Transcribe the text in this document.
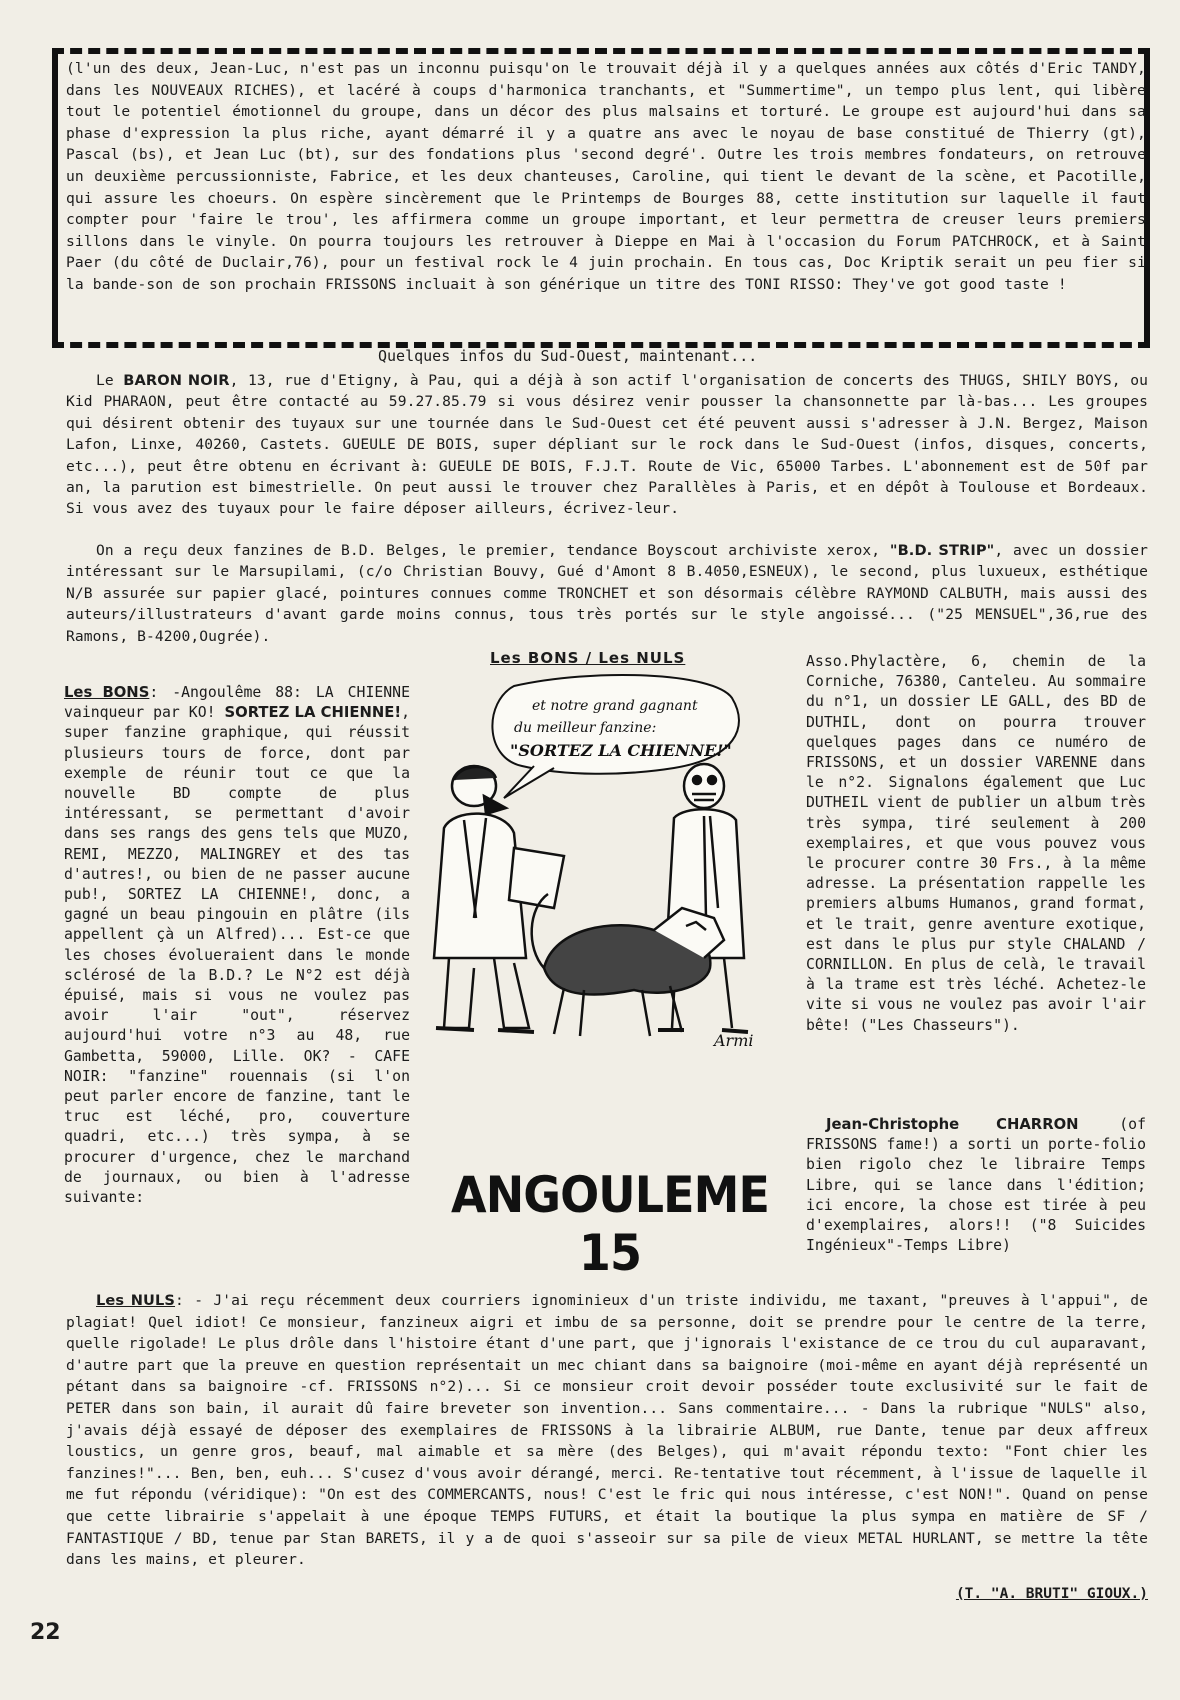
(l'un des deux, Jean-Luc, n'est pas un inconnu puisqu'on le trouvait déjà il y a quelques années aux côtés d'Eric TANDY, dans les NOUVEAUX RICHES), et lacéré à coups d'harmonica tranchants, et "Summertime", un tempo plus lent, qui libère tout le potentiel émotionnel du groupe, dans un décor des plus malsains et torturé. Le groupe est aujourd'hui dans sa phase d'expression la plus riche, ayant démarré il y a quatre ans avec le noyau de base constitué de Thierry (gt), Pascal (bs), et Jean Luc (bt), sur des fondations plus 'second degré'. Outre les trois membres fondateurs, on retrouve un deuxième percussionniste, Fabrice, et les deux chanteuses, Caroline, qui tient le devant de la scène, et Pacotille, qui assure les choeurs. On espère sincèrement que le Printemps de Bourges 88, cette institution sur laquelle il faut compter pour 'faire le trou', les affirmera comme un groupe important, et leur permettra de creuser leurs premiers sillons dans le vinyle. On pourra toujours les retrouver à Dieppe en Mai à l'occasion du Forum PATCHROCK, et à Saint Paer (du côté de Duclair,76), pour un festival rock le 4 juin prochain. En tous cas, Doc Kriptik serait un peu fier si la bande-son de son prochain FRISSONS incluait à son générique un titre des TONI RISSO: They've got good taste !

Quelques infos du Sud-Ouest, maintenant...

Le BARON NOIR, 13, rue d'Etigny, à Pau, qui a déjà à son actif l'organisation de concerts des THUGS, SHILY BOYS, ou Kid PHARAON, peut être contacté au 59.27.85.79 si vous désirez venir pousser la chansonnette par là-bas... Les groupes qui désirent obtenir des tuyaux sur une tournée dans le Sud-Ouest cet été peuvent aussi s'adresser à J.N. Bergez, Maison Lafon, Linxe, 40260, Castets. GUEULE DE BOIS, super dépliant sur le rock dans le Sud-Ouest (infos, disques, concerts, etc...), peut être obtenu en écrivant à: GUEULE DE BOIS, F.J.T. Route de Vic, 65000 Tarbes. L'abonnement est de 50f par an, la parution est bimestrielle. On peut aussi le trouver chez Parallèles à Paris, et en dépôt à Toulouse et Bordeaux. Si vous avez des tuyaux pour le faire déposer ailleurs, écrivez-leur.

On a reçu deux fanzines de B.D. Belges, le premier, tendance Boyscout archiviste xerox, "B.D. STRIP", avec un dossier intéressant sur le Marsupilami, (c/o Christian Bouvy, Gué d'Amont 8 B.4050,ESNEUX), le second, plus luxueux, esthétique N/B assurée sur papier glacé, pointures connues comme TRONCHET et son désormais célèbre RAYMOND CALBUTH, mais aussi des auteurs/illustrateurs d'avant garde moins connus, tous très portés sur le style angoissé... ("25 MENSUEL",36,rue des Ramons, B-4200,Ougrée).

Les BONS / Les NULS

Les BONS: -Angoulême 88: LA CHIENNE vainqueur par KO! SORTEZ LA CHIENNE!, super fanzine graphique, qui réussit plusieurs tours de force, dont par exemple de réunir tout ce que la nouvelle BD compte de plus intéressant, se permettant d'avoir dans ses rangs des gens tels que MUZO, REMI, MEZZO, MALINGREY et des tas d'autres!, ou bien de ne passer aucune pub!, SORTEZ LA CHIENNE!, donc, a gagné un beau pingouin en plâtre (ils appellent çà un Alfred)... Est-ce que les choses évolueraient dans le monde sclérosé de la B.D.? Le N°2 est déjà épuisé, mais si vous ne voulez pas avoir l'air "out", réservez aujourd'hui votre n°3 au 48, rue Gambetta, 59000, Lille. OK? - CAFE NOIR: "fanzine" rouennais (si l'on peut parler encore de fanzine, tant le truc est léché, pro, couverture quadri, etc...) très sympa, à se procurer d'urgence, chez le marchand de journaux, ou bien à l'adresse suivante:

et notre grand gagnant
du meilleur fanzine:
"SORTEZ LA CHIENNE!"
Armi
ANGOULEME 15

Asso.Phylactère, 6, chemin de la Corniche, 76380, Canteleu. Au sommaire du n°1, un dossier LE GALL, des BD de DUTHIL, dont on pourra trouver quelques pages dans ce numéro de FRISSONS, et un dossier VARENNE dans le n°2. Signalons également que Luc DUTHEIL vient de publier un album très très sympa, tiré seulement à 200 exemplaires, et que vous pouvez vous le procurer contre 30 Frs., à la même adresse. La présentation rappelle les premiers albums Humanos, grand format, et le trait, genre aventure exotique, est dans le plus pur style CHALAND / CORNILLON. En plus de celà, le travail à la trame est très léché. Achetez-le vite si vous ne voulez pas avoir l'air bête! ("Les Chasseurs").

Jean-Christophe CHARRON (of FRISSONS fame!) a sorti un porte-folio bien rigolo chez le libraire Temps Libre, qui se lance dans l'édition; ici encore, la chose est tirée à peu d'exemplaires, alors!! ("8 Suicides Ingénieux"-Temps Libre)

Les NULS: - J'ai reçu récemment deux courriers ignominieux d'un triste individu, me taxant, "preuves à l'appui", de plagiat! Quel idiot! Ce monsieur, fanzineux aigri et imbu de sa personne, doit se prendre pour le centre de la terre, quelle rigolade! Le plus drôle dans l'histoire étant d'une part, que j'ignorais l'existance de ce trou du cul auparavant, d'autre part que la preuve en question représentait un mec chiant dans sa baignoire (moi-même en ayant déjà représenté un pétant dans sa baignoire -cf. FRISSONS n°2)... Si ce monsieur croit devoir posséder toute exclusivité sur le fait de PETER dans son bain, il aurait dû faire breveter son invention... Sans commentaire... - Dans la rubrique "NULS" also, j'avais déjà essayé de déposer des exemplaires de FRISSONS à la librairie ALBUM, rue Dante, tenue par deux affreux loustics, un genre gros, beauf, mal aimable et sa mère (des Belges), qui m'avait répondu texto: "Font chier les fanzines!"... Ben, ben, euh... S'cusez d'vous avoir dérangé, merci. Re-tentative tout récemment, à l'issue de laquelle il me fut répondu (véridique): "On est des COMMERCANTS, nous! C'est le fric qui nous intéresse, c'est NON!". Quand on pense que cette librairie s'appelait à une époque TEMPS FUTURS, et était la boutique la plus sympa en matière de SF / FANTASTIQUE / BD, tenue par Stan BARETS, il y a de quoi s'asseoir sur sa pile de vieux METAL HURLANT, se mettre la tête dans les mains, et pleurer.

(T. "A. BRUTI" GIOUX.)
22
